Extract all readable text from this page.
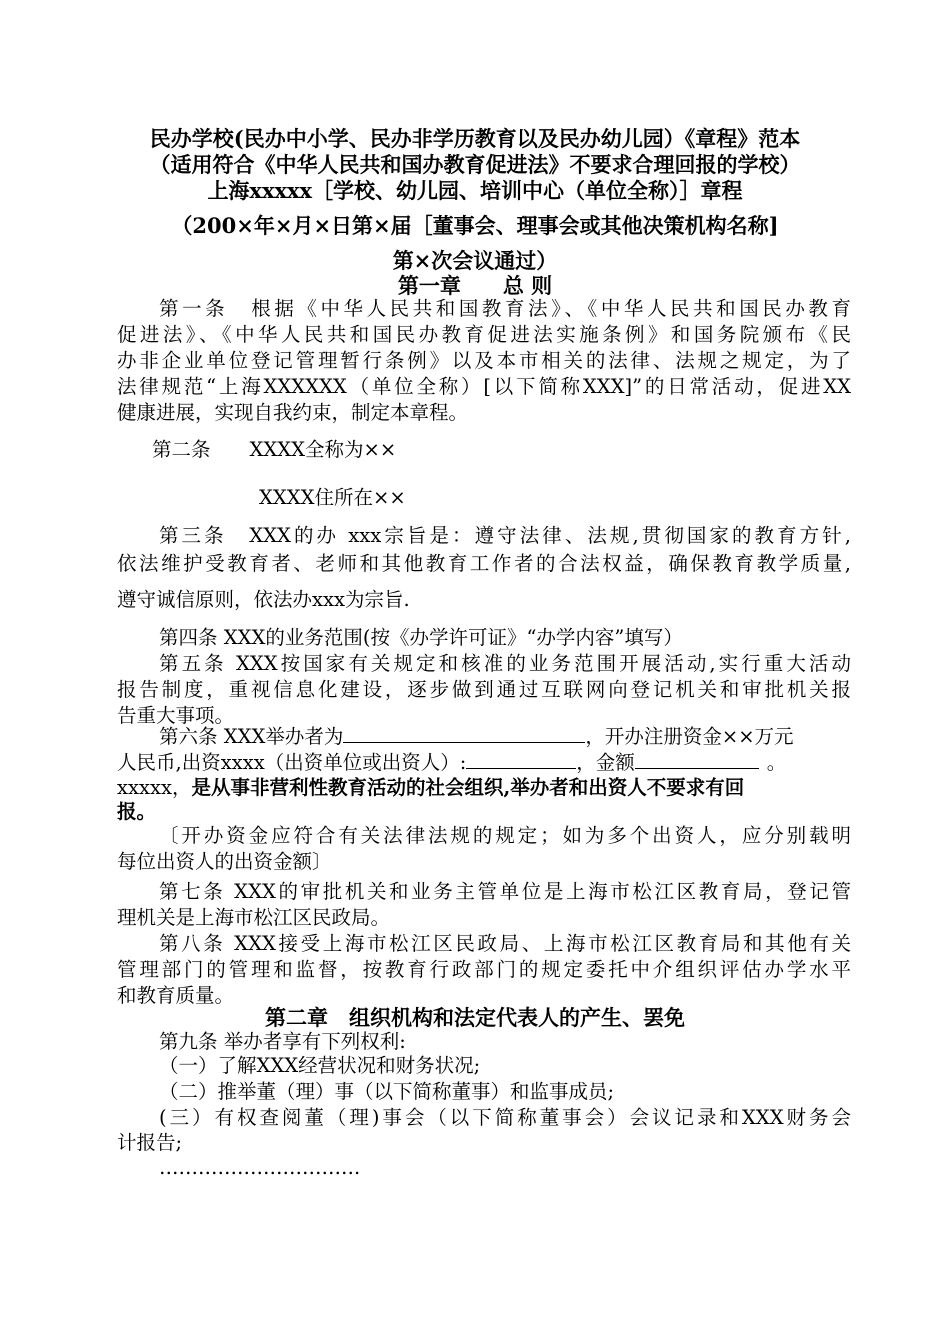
民办学校(民办中小学、民办非学历教育以及民办幼儿园）《章程》范本
（适用符合《中华人民共和国办教育促进法》不要求合理回报的学校）
上海xxxxx［学校、幼儿园、培训中心（单位全称）］章程
（200×年×月×日第×届［董事会、理事会或其他决策机构名称]
第×次会议通过）
第一章　　总 则
第一条　根据《中华人民共和国教育法》、《中华人民共和国民办教育
促进法》、《中华人民共和国民办教育促进法实施条例》和国务院颁布《民
办非企业单位登记管理暂行条例》以及本市相关的法律、法规之规定，为了
法律规范“上海XXXXXX（单位全称）[以下简称XXX]”的日常活动，促进XX
健康进展，实现自我约束，制定本章程。
第二条　　XXXX全称为××
XXXX住所在××
第三条　XXX的办 xxx宗旨是：遵守法律、法规,贯彻国家的教育方针,
依法维护受教育者、老师和其他教育工作者的合法权益，确保教育教学质量,
遵守诚信原则，依法办xxx为宗旨.
第四条 XXX的业务范围(按《办学许可证》“办学内容”填写）
第五条 XXX按国家有关规定和核准的业务范围开展活动,实行重大活动
报告制度，重视信息化建设，逐步做到通过互联网向登记机关和审批机关报
告重大事项。
第六条 XXX举办者为	，开办注册资金××万元
人民币,出资xxxx（出资单位或出资人）:	，金额	。
xxxxx，是从事非营利性教育活动的社会组织,举办者和出资人不要求有回
报。
〔开办资金应符合有关法律法规的规定；如为多个出资人，应分别载明
每位出资人的出资金额〕
第七条 XXX的审批机关和业务主管单位是上海市松江区教育局，登记管
理机关是上海市松江区民政局。
第八条 XXX接受上海市松江区民政局、上海市松江区教育局和其他有关
管理部门的管理和监督，按教育行政部门的规定委托中介组织评估办学水平
和教育质量。
第二章　组织机构和法定代表人的产生、罢免
第九条 举办者享有下列权利:
（一）了解XXX经营状况和财务状况;
（二）推举董（理）事（以下简称董事）和监事成员;
(三）有权查阅董（理)事会（以下简称董事会）会议记录和XXX财务会
计报告;
………………………….
